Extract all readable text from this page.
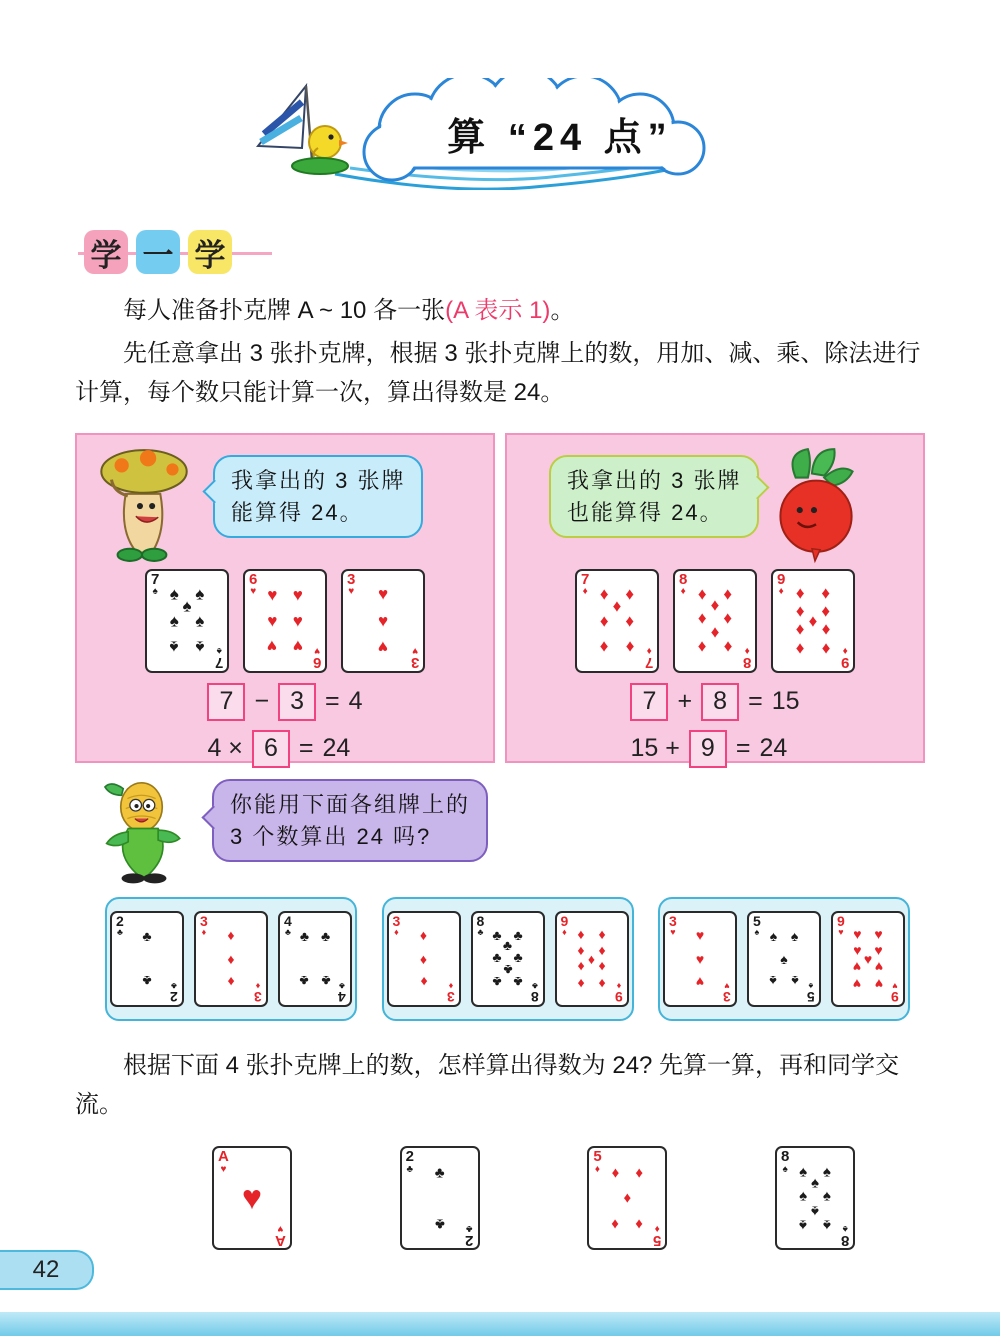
算 “24 点”
学 一 学

每人准备扑克牌 A ~ 10 各一张(A 表示 1)。

先任意拿出 3 张扑克牌，根据 3 张扑克牌上的数，用加、减、乘、除法进行计算，每个数只能计算一次，算出得数是 24。

我拿出的 3 张牌
能算得 24。
7
♠
7
♠
♠ ♠
♠
♠ ♠
♠ ♠
6
♥
6
♥
♥ ♥
♥ ♥
♥ ♥
3
♥
3
♥
♥
♥
♥
7 − 3 = 4
4 × 6 = 24
我拿出的 3 张牌
也能算得 24。
7
♦
7
♦
♦ ♦
♦
♦ ♦
♦ ♦
8
♦
8
♦
♦ ♦
♦
♦ ♦
♦
♦ ♦
9
♦
9
♦
♦ ♦
♦ ♦
♦
♦ ♦
♦ ♦
7 + 8 = 15
15 + 9 = 24
你能用下面各组牌上的
3 个数算出 24 吗?
2
♣
2
♣
♣
♣
3
♦
3
♦
♦
♦
♦
4
♣
4
♣
♣ ♣
♣ ♣
3
♦
3
♦
♦
♦
♦
8
♣
8
♣
♣ ♣
♣
♣ ♣
♣
♣ ♣
9
♦
9
♦
♦ ♦
♦ ♦
♦
♦ ♦
♦ ♦
3
♥
3
♥
♥
♥
♥
5
♠
5
♠
♠ ♠
♠
♠ ♠
9
♥
9
♥
♥ ♥
♥ ♥
♥
♥ ♥
♥ ♥

根据下面 4 张扑克牌上的数，怎样算出得数为 24? 先算一算，再和同学交流。

A
♥
A
♥
♥
2
♣
2
♣
♣
♣
5
♦
5
♦
♦ ♦
♦
♦ ♦
8
♠
8
♠
♠ ♠
♠
♠ ♠
♠
♠ ♠
42
